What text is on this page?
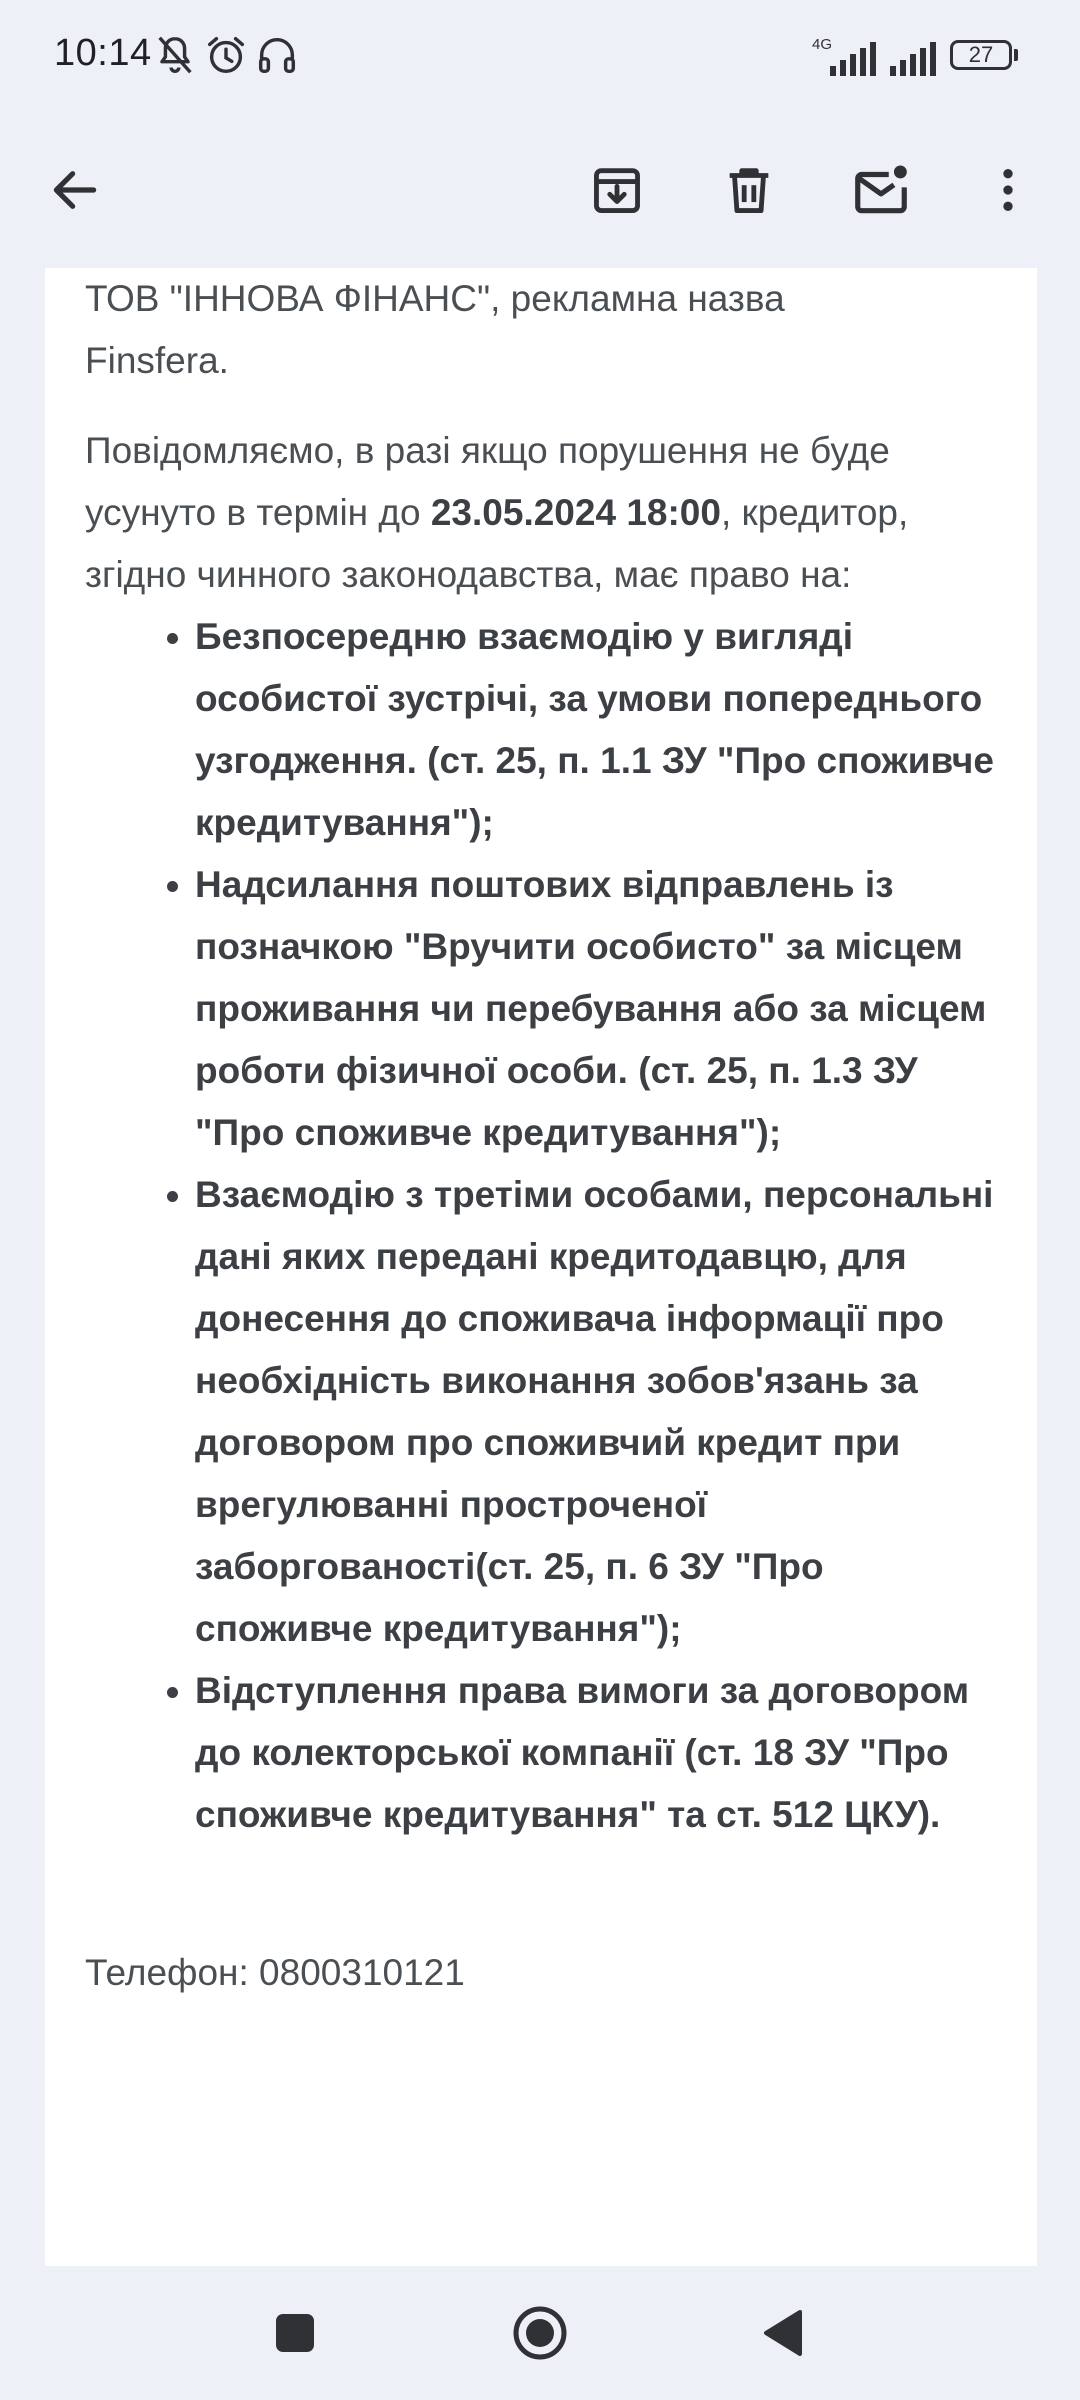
10:14	4G	27

ТОВ "ІННОВА ФІНАНС", рекламна назва
Finsfera.

Повідомляємо, в разі якщо порушення не буде усунуто в термін до 23.05.2024 18:00, кредитор, згідно чинного законодавства, має право на:

Безпосередню взаємодію у вигляді особистої зустрічі, за умови попереднього узгодження. (ст. 25, п. 1.1 ЗУ "Про споживче кредитування");
Надсилання поштових відправлень із позначкою "Вручити особисто" за місцем проживання чи перебування або за місцем роботи фізичної особи. (ст. 25, п. 1.3 ЗУ "Про споживче кредитування");
Взаємодію з третіми особами, персональні дані яких передані кредитодавцю, для донесення до споживача інформації про необхідність виконання зобов'язань за договором про споживчий кредит при врегулюванні простроченої заборгованості(ст. 25, п. 6 ЗУ "Про споживче кредитування");
Відступлення права вимоги за договором до колекторської компанії (ст. 18 ЗУ "Про споживче кредитування" та ст. 512 ЦКУ).

Телефон: 0800310121
